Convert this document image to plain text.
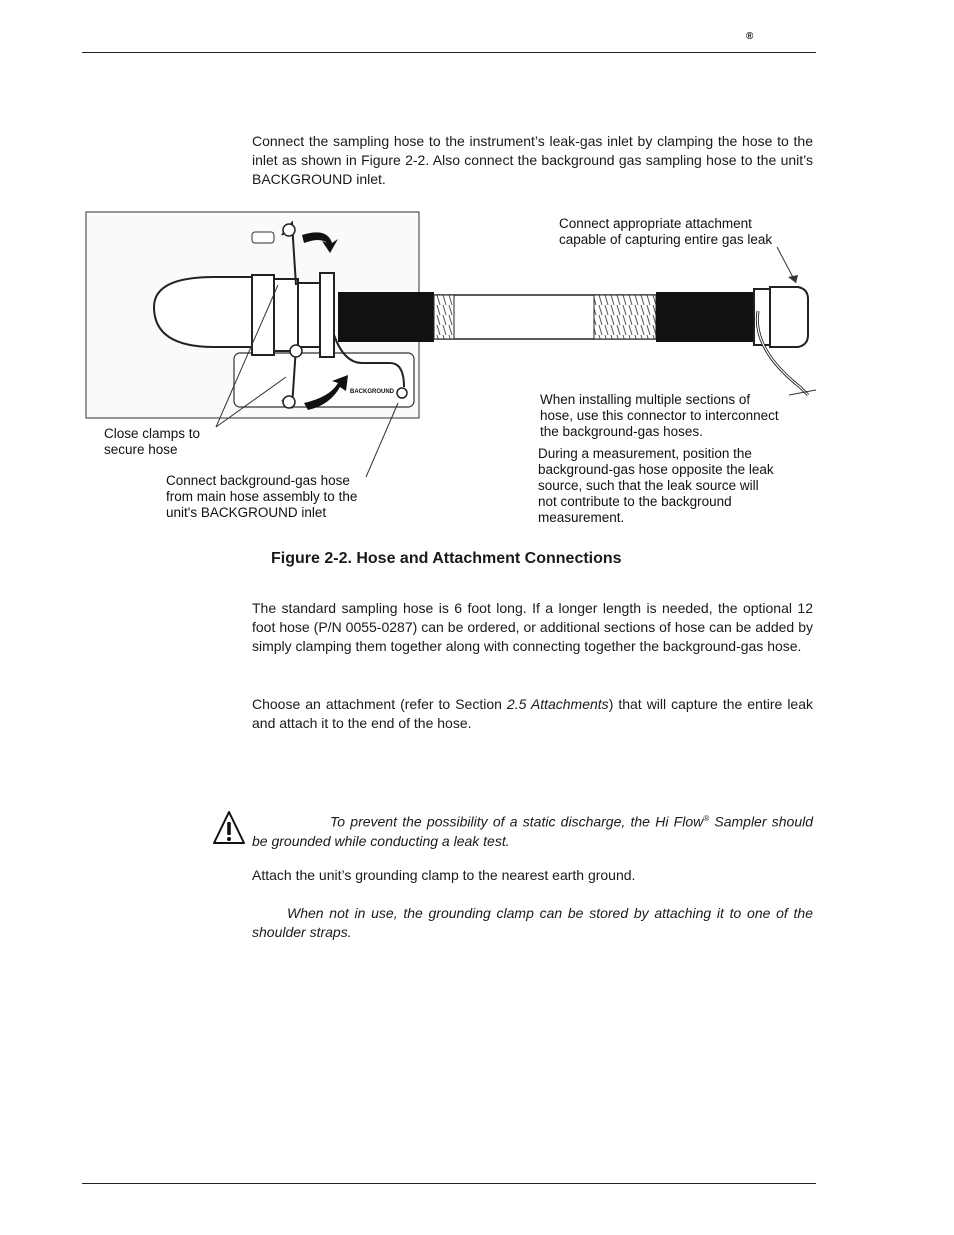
®

Connect the sampling hose to the instrument’s leak-gas inlet by clamping the hose to the inlet as shown in Figure 2-2. Also connect the background gas sampling hose to the unit’s BACKGROUND inlet.

BACKGROUND
Connect appropriate attachment capable of capturing entire gas leak
Close clamps to secure hose
Connect background-gas hose from main hose assembly to the unit's BACKGROUND inlet
When installing multiple sections of hose, use this connector to interconnect the background-gas hoses.
During a measurement, position the background-gas hose opposite the leak source, such that the leak source will not contribute to the background measurement.
Figure 2-2. Hose and Attachment Connections

The standard sampling hose is 6 foot long. If a longer length is needed, the optional 12 foot hose (P/N 0055-0287) can be ordered, or additional sections of hose can be added by simply clamping them together along with connecting together the background-gas hose.

Choose an attachment (refer to Section 2.5 Attachments) that will capture the entire leak and attach it to the end of the hose.

To prevent the possibility of a static discharge, the Hi Flow® Sampler should be grounded while conducting a leak test.

Attach the unit’s grounding clamp to the nearest earth ground.

When not in use, the grounding clamp can be stored by attaching it to one of the shoulder straps.
